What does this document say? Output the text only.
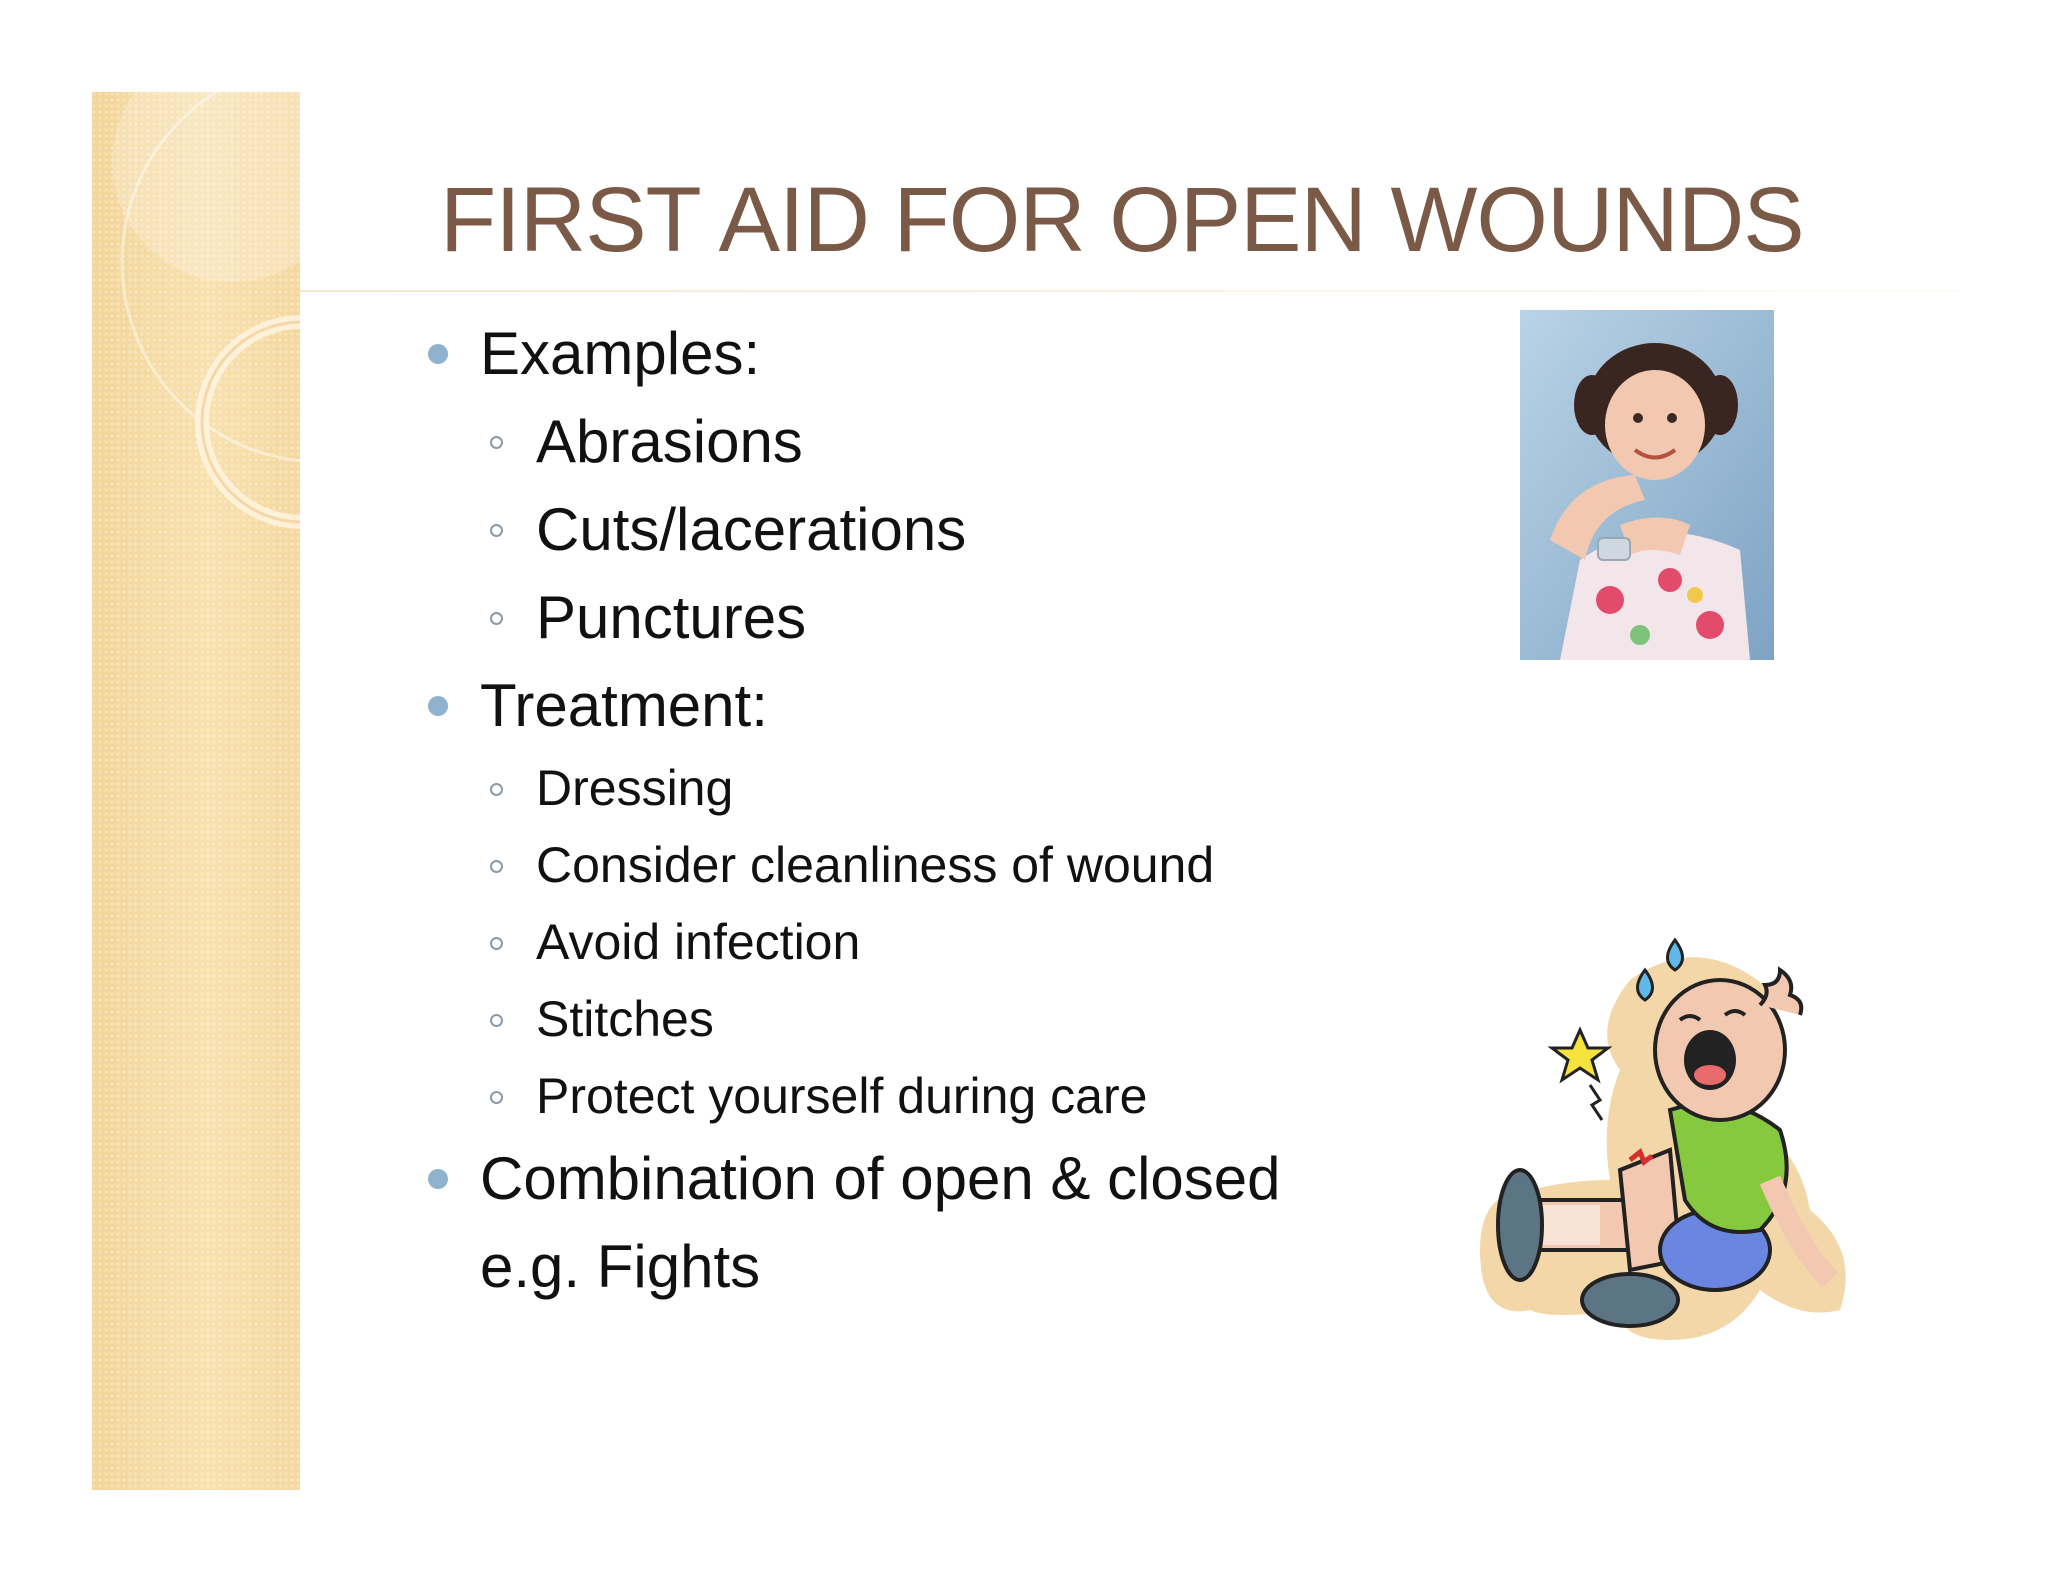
FIRST AID FOR OPEN WOUNDS
Examples:
Abrasions
Cuts/lacerations
Punctures
Treatment:
Dressing
Consider cleanliness of wound
Avoid infection
Stitches
Protect yourself during care
Combination of open & closed
e.g. Fights
